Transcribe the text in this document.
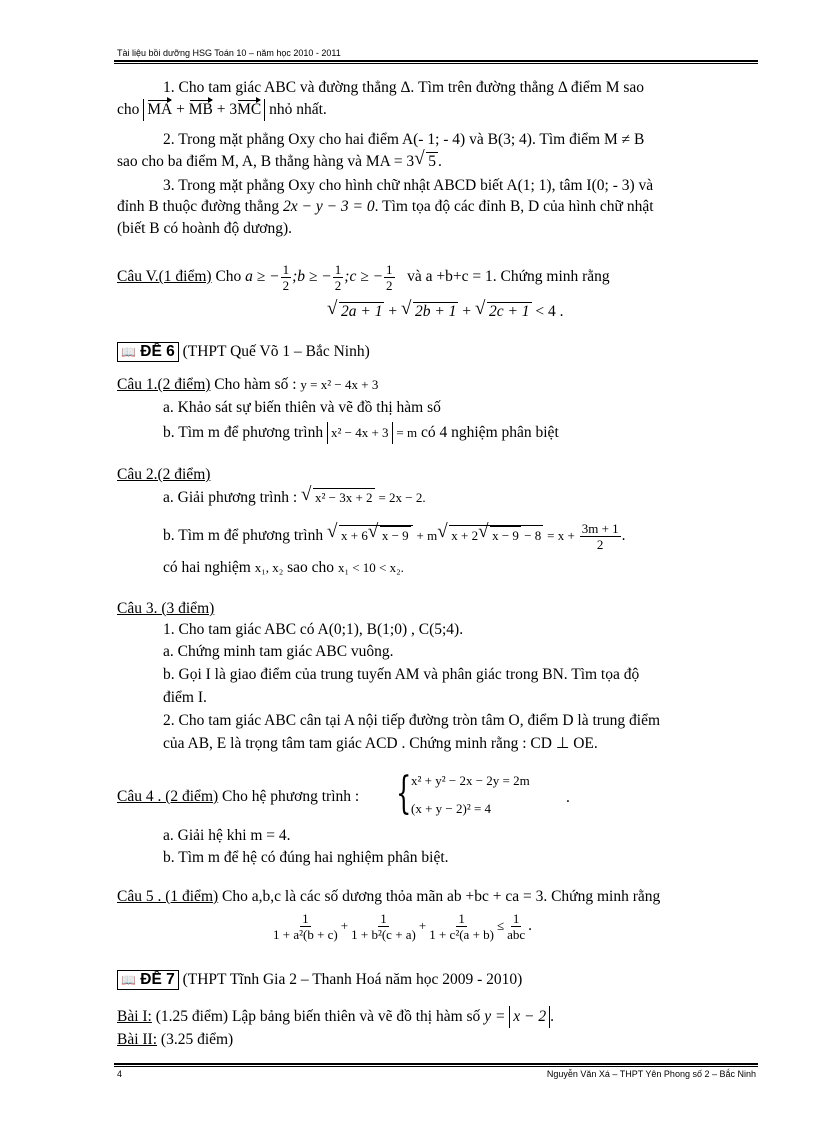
Tài liệu bồi dưỡng HSG Toán 10 – năm học 2010 - 2011
1. Cho tam giác ABC và đường thẳng Δ. Tìm trên đường thẳng Δ điểm M sao
cho MA + MB + 3MC nhỏ nhất.
2. Trong mặt phẳng Oxy cho hai điểm A(- 1; - 4) và B(3; 4). Tìm điểm M ≠ B
sao cho ba điểm M, A, B thẳng hàng và MA = 3 √ 5 .
3. Trong mặt phẳng Oxy cho hình chữ nhật ABCD biết A(1; 1), tâm I(0; - 3) và
đỉnh B thuộc đường thẳng 2x − y − 3 = 0. Tìm tọa độ các đỉnh B, D của hình chữ nhật
(biết B có hoành độ dương).
Câu V.(1 điểm) Cho a ≥ − $\frac{1}{2}$ ;b ≥ − $\frac{1}{2}$ ;c ≥ − $\frac{1}{2}$ và a +b+c = 1. Chứng minh rằng
√ 2a + 1 + √ 2b + 1 + √ 2c + 1 < 4 .
📖 ĐỀ 6 (THPT Quế Võ 1 – Bắc Ninh)
Câu 1.(2 điểm) Cho hàm số : y = x² − 4x + 3
a. Khảo sát sự biến thiên và vẽ đồ thị hàm số
b. Tìm m để phương trình x² − 4x + 3 = m có 4 nghiệm phân biệt
Câu 2.(2 điểm)
a. Giải phương trình : √ x² − 3x + 2 = 2x − 2.
b. Tìm m để phương trình √ x + 6 √ x − 9 + m √ x + 2 √ $x - 9 - 8 = x + \frac{3m + 1}{2}$ .
có hai nghiệm x₁, x₂ sao cho x₁ < 10 < x₂.
Câu 3. (3 điểm)
1. Cho tam giác ABC có A(0;1), B(1;0) , C(5;4).
a. Chứng minh tam giác ABC vuông.
b. Gọi I là giao điểm của trung tuyến AM và phân giác trong BN. Tìm tọa độ
điểm I.
2. Cho tam giác ABC cân tại A nội tiếp đường tròn tâm O, điểm D là trung điểm
của AB, E là trọng tâm tam giác ACD . Chứng minh rằng : CD ⊥ OE.
Câu 4 . (2 điểm) Cho hệ phương trình : { x² + y² − 2x − 2y = 2m
(x + y − 2)² = 4
.
a. Giải hệ khi m = 4.
b. Tìm m để hệ có đúng hai nghiệm phân biệt.
Câu 5 . (1 điểm) Cho a,b,c là các số dương thỏa mãn ab +bc + ca = 3. Chứng minh rằng
$\frac{1}{\text{1 + a²(b + c)}} + \frac{1}{\text{1 + b²(c + a)}} + \frac{1}{\text{1 + c²(a + b)}} \le \frac{1}{\text{abc}}$ .
📖 ĐỀ 7 (THPT Tĩnh Gia 2 – Thanh Hoá năm học 2009 - 2010)
Bài I: (1.25 điểm) Lập bảng biến thiên và vẽ đồ thị hàm số y = x − 2 .
Bài II: (3.25 điểm)
4	Nguyễn Văn Xá – THPT Yên Phong số 2 – Bắc Ninh
